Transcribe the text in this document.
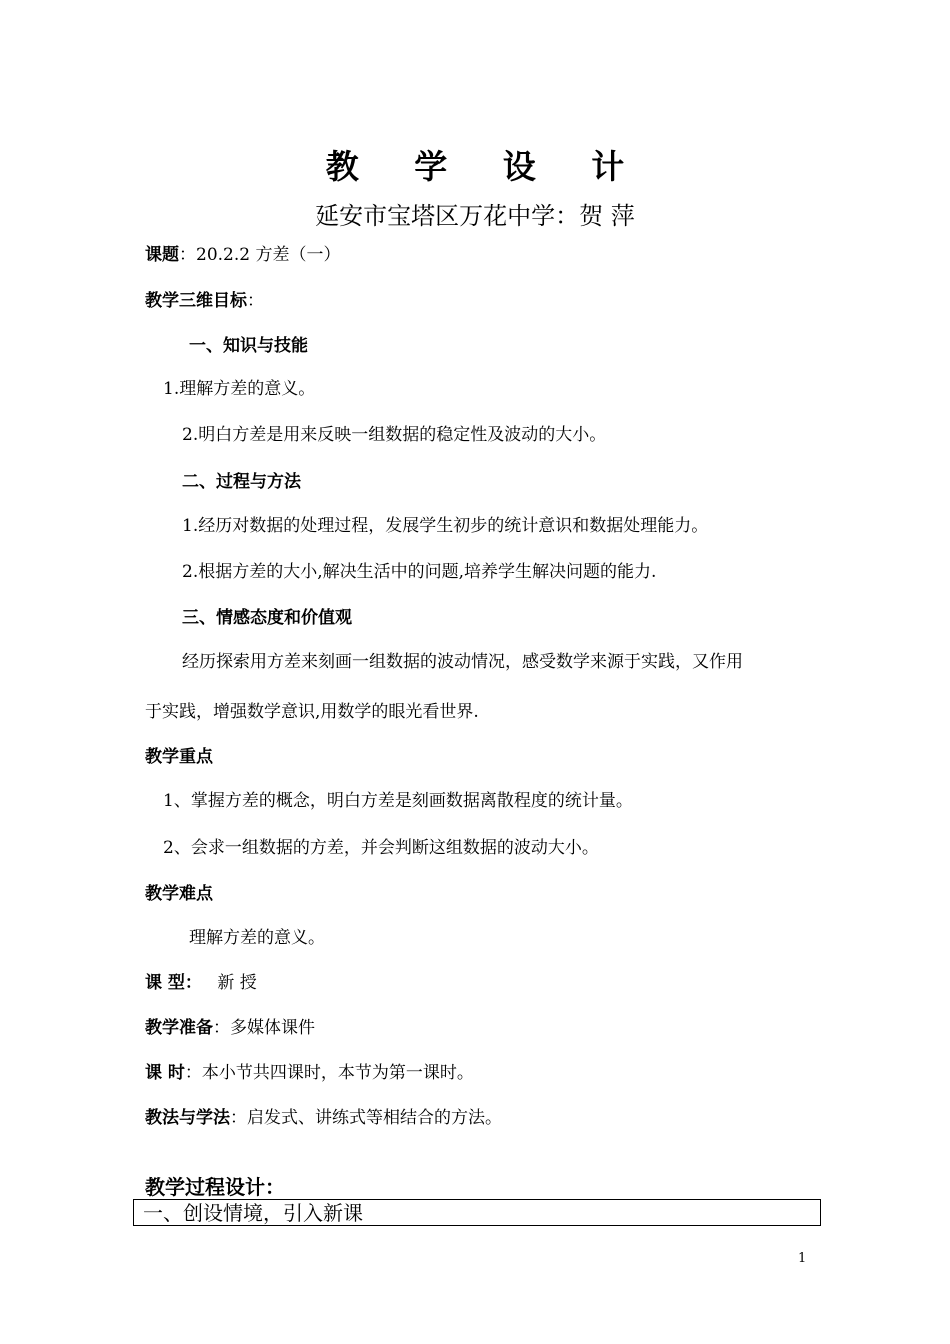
教 学 设 计
延安市宝塔区万花中学：贺 萍
课题：20.2.2 方差（一）
教学三维目标：
一、知识与技能
1.理解方差的意义。
2.明白方差是用来反映一组数据的稳定性及波动的大小。
二、过程与方法
1.经历对数据的处理过程，发展学生初步的统计意识和数据处理能力。
2.根据方差的大小,解决生活中的问题,培养学生解决问题的能力.
三、情感态度和价值观
经历探索用方差来刻画一组数据的波动情况，感受数学来源于实践，又作用
于实践，增强数学意识,用数学的眼光看世界.
教学重点
1、掌握方差的概念，明白方差是刻画数据离散程度的统计量。
2、会求一组数据的方差，并会判断这组数据的波动大小。
教学难点
理解方差的意义。
课 型： 新 授
教学准备：多媒体课件
课 时：本小节共四课时，本节为第一课时。
教法与学法：启发式、讲练式等相结合的方法。
教学过程设计：
一、创设情境，引入新课
1
